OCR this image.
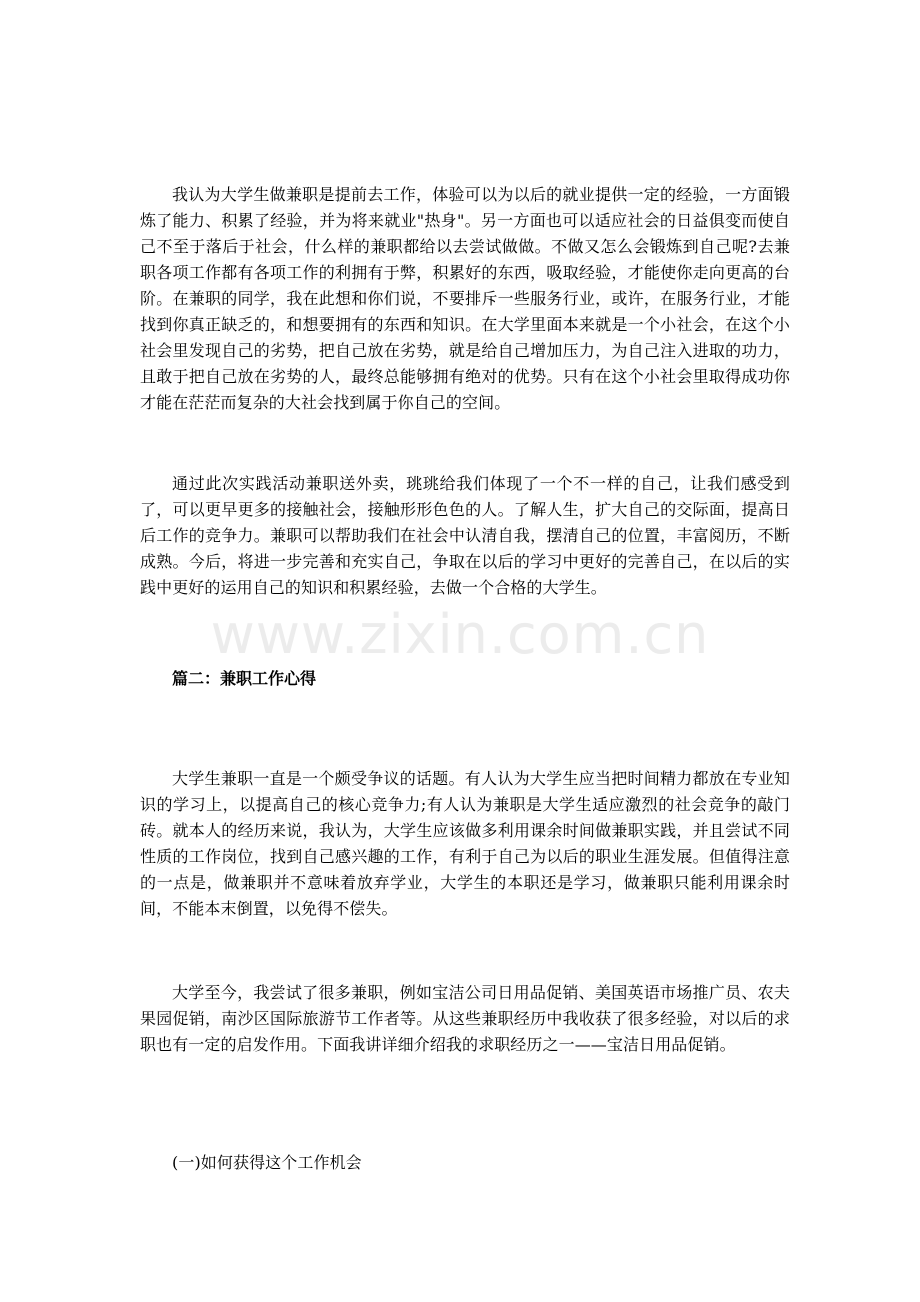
我认为大学生做兼职是提前去工作，体验可以为以后的就业提供一定的经验，一方面锻炼了能力、积累了经验，并为将来就业"热身"。另一方面也可以适应社会的日益俱变而使自己不至于落后于社会，什么样的兼职都给以去尝试做做。不做又怎么会锻炼到自己呢?去兼职各项工作都有各项工作的利拥有于弊，积累好的东西，吸取经验，才能使你走向更高的台阶。在兼职的同学，我在此想和你们说，不要排斥一些服务行业，或许，在服务行业，才能找到你真正缺乏的，和想要拥有的东西和知识。在大学里面本来就是一个小社会，在这个小社会里发现自己的劣势，把自己放在劣势，就是给自己增加压力，为自己注入进取的功力，且敢于把自己放在劣势的人，最终总能够拥有绝对的优势。只有在这个小社会里取得成功你才能在茫茫而复杂的大社会找到属于你自己的空间。

通过此次实践活动兼职送外卖，珧珧给我们体现了一个不一样的自己，让我们感受到了，可以更早更多的接触社会，接触形形色色的人。了解人生，扩大自己的交际面，提高日后工作的竞争力。兼职可以帮助我们在社会中认清自我，摆清自己的位置，丰富阅历，不断成熟。今后，将进一步完善和充实自己，争取在以后的学习中更好的完善自己，在以后的实践中更好的运用自己的知识和积累经验，去做一个合格的大学生。

www.zixin.com.cn
篇二：兼职工作心得

大学生兼职一直是一个颇受争议的话题。有人认为大学生应当把时间精力都放在专业知识的学习上，以提高自己的核心竞争力;有人认为兼职是大学生适应激烈的社会竞争的敲门砖。就本人的经历来说，我认为，大学生应该做多利用课余时间做兼职实践，并且尝试不同性质的工作岗位，找到自己感兴趣的工作，有利于自己为以后的职业生涯发展。但值得注意的一点是，做兼职并不意味着放弃学业，大学生的本职还是学习，做兼职只能利用课余时间，不能本末倒置，以免得不偿失。

大学至今，我尝试了很多兼职，例如宝洁公司日用品促销、美国英语市场推广员、农夫果园促销，南沙区国际旅游节工作者等。从这些兼职经历中我收获了很多经验，对以后的求职也有一定的启发作用。下面我讲详细介绍我的求职经历之一——宝洁日用品促销。

(一)如何获得这个工作机会
